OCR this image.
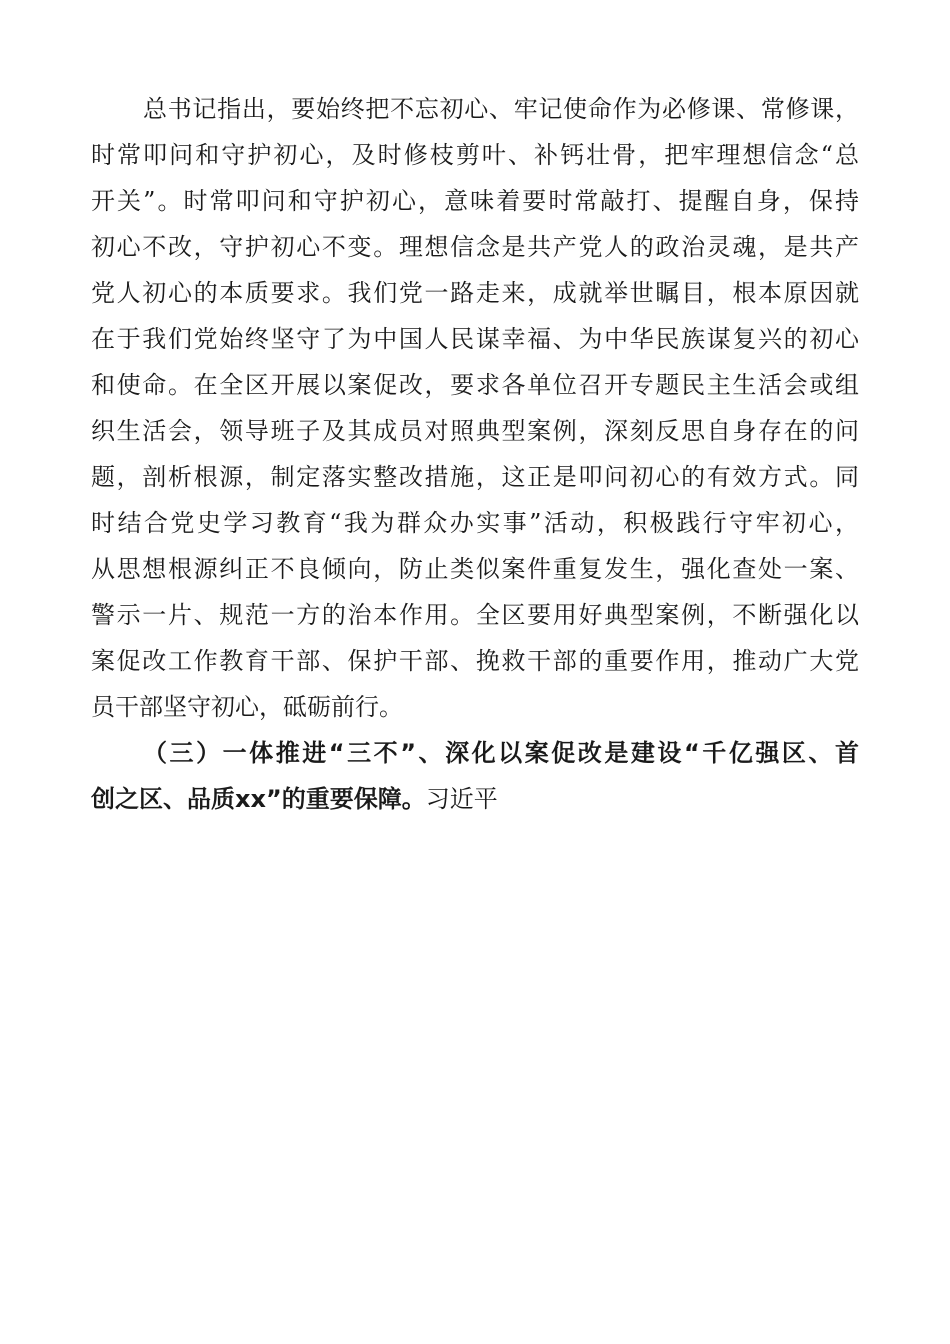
总书记指出，要始终把不忘初心、牢记使命作为必修课、常修课，
时常叩问和守护初心，及时修枝剪叶、补钙壮骨，把牢理想信念“总
开关”。时常叩问和守护初心，意味着要时常敲打、提醒自身，保持
初心不改，守护初心不变。理想信念是共产党人的政治灵魂，是共产
党人初心的本质要求。我们党一路走来，成就举世瞩目，根本原因就
在于我们党始终坚守了为中国人民谋幸福、为中华民族谋复兴的初心
和使命。在全区开展以案促改，要求各单位召开专题民主生活会或组
织生活会，领导班子及其成员对照典型案例，深刻反思自身存在的问
题，剖析根源，制定落实整改措施，这正是叩问初心的有效方式。同
时结合党史学习教育“我为群众办实事”活动，积极践行守牢初心，
从思想根源纠正不良倾向，防止类似案件重复发生，强化查处一案、
警示一片、规范一方的治本作用。全区要用好典型案例，不断强化以
案促改工作教育干部、保护干部、挽救干部的重要作用，推动广大党
员干部坚守初心，砥砺前行。
（三）一体推进“三不”、深化以案促改是建设“千亿强区、首
创之区、品质xx”的重要保障。习近平
